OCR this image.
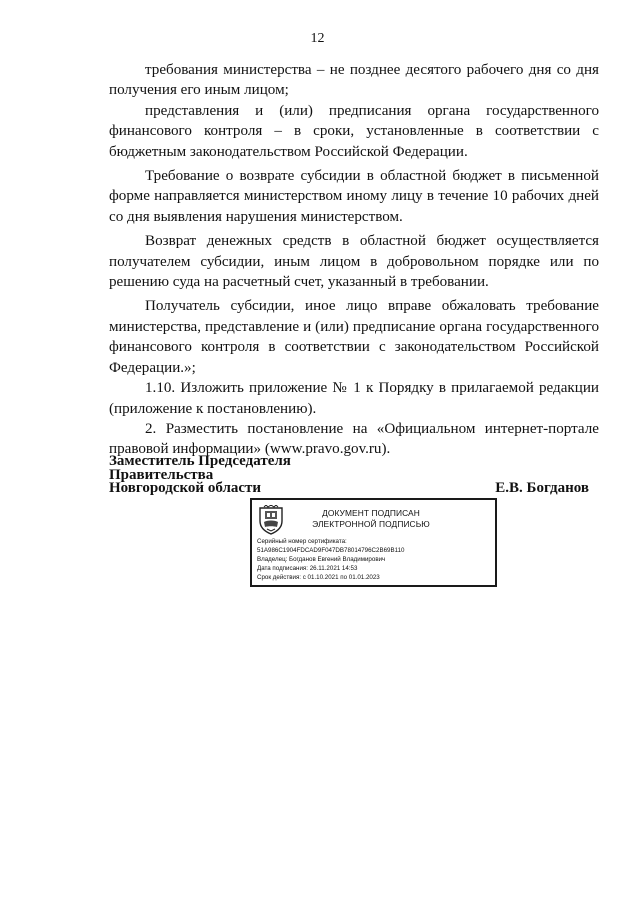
12

требования министерства – не позднее десятого рабочего дня со дня получения его иным лицом;

представления и (или) предписания органа государственного финансового контроля – в сроки, установленные в соответствии с бюджетным законодательством Российской Федерации.

Требование о возврате субсидии в областной бюджет в письменной форме направляется министерством иному лицу в течение 10 рабочих дней со дня выявления нарушения министерством.

Возврат денежных средств в областной бюджет осуществляется получателем субсидии, иным лицом в добровольном порядке или по решению суда на расчетный счет, указанный в требовании.

Получатель субсидии, иное лицо вправе обжаловать требование министерства, представление и (или) предписание органа государственного финансового контроля в соответствии с законодательством Российской Федерации.»;

1.10. Изложить приложение № 1 к Порядку в прилагаемой редакции (приложение к постановлению).

2. Разместить постановление на «Официальном интернет-портале правовой информации» (www.pravo.gov.ru).

Заместитель Председателя
Правительства
Новгородской области	Е.В. Богданов
ДОКУМЕНТ ПОДПИСАН
ЭЛЕКТРОННОЙ ПОДПИСЬЮ
Серийный номер сертификата:
51A986C1904FDCAD9F047DB78014796C2B69B110
Владелец: Богданов Евгений Владимирович
Дата подписания: 26.11.2021 14:53
Срок действия: с 01.10.2021 по 01.01.2023
